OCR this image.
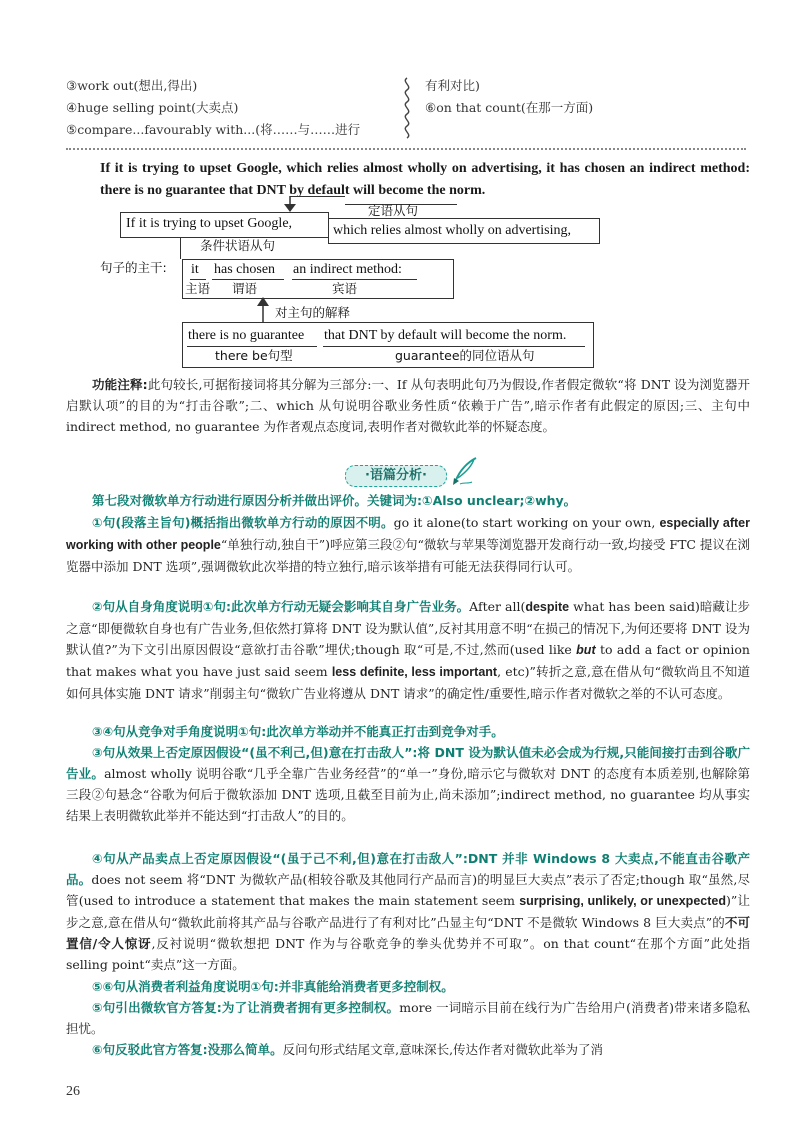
③work out(想出,得出)
④huge selling point(大卖点)
⑤compare...favourably with...(将……与……进行
有利对比)
⑥on that count(在那一方面)
If it is trying to upset Google, which relies almost wholly on advertising, it has chosen an indirect method: there is no guarantee that DNT by default will become the norm.
If it is trying to upset Google,
定语从句
which relies almost wholly on advertising,
条件状语从句
句子的主干: it has chosen an indirect method:
主语 谓语	宾语
对主句的解释
there is no guarantee that DNT by default will become the norm.
there be句型	guarantee的同位语从句
功能注释:此句较长,可据衔接词将其分解为三部分:一、If 从句表明此句乃为假设,作者假定微软“将 DNT 设为浏览器开启默认项”的目的为“打击谷歌”;二、which 从句说明谷歌业务性质“依赖于广告”,暗示作者有此假定的原因;三、主句中 indirect method, no guarantee 为作者观点态度词,表明作者对微软此举的怀疑态度。
·语篇分析·
第七段对微软单方行动进行原因分析并做出评价。关键词为:①Also unclear;②why。
①句(段落主旨句)概括指出微软单方行动的原因不明。go it alone(to start working on your own, especially after working with other people“单独行动,独自干”)呼应第三段②句“微软与苹果等浏览器开发商行动一致,均接受 FTC 提议在浏览器中添加 DNT 选项”,强调微软此次举措的特立独行,暗示该举措有可能无法获得同行认可。
②句从自身角度说明①句:此次单方行动无疑会影响其自身广告业务。After all(despite what has been said)暗藏让步之意“即便微软自身也有广告业务,但依然打算将 DNT 设为默认值”,反衬其用意不明“在损己的情况下,为何还要将 DNT 设为默认值?”为下文引出原因假设“意欲打击谷歌”埋伏;though 取“可是,不过,然而(used like but to add a fact or opinion that makes what you have just said seem less definite, less important, etc)”转折之意,意在借从句“微软尚且不知道如何具体实施 DNT 请求”削弱主句“微软广告业将遵从 DNT 请求”的确定性/重要性,暗示作者对微软之举的不认可态度。
③④句从竞争对手角度说明①句:此次单方举动并不能真正打击到竞争对手。
③句从效果上否定原因假设“(虽不利己,但)意在打击敌人”:将 DNT 设为默认值未必会成为行规,只能间接打击到谷歌广告业。almost wholly 说明谷歌“几乎全靠广告业务经营”的“单一”身份,暗示它与微软对 DNT 的态度有本质差别,也解除第三段②句悬念“谷歌为何后于微软添加 DNT 选项,且截至目前为止,尚未添加”;indirect method, no guarantee 均从事实结果上表明微软此举并不能达到“打击敌人”的目的。
④句从产品卖点上否定原因假设“(虽于己不利,但)意在打击敌人”:DNT 并非 Windows 8 大卖点,不能直击谷歌产品。does not seem 将“DNT 为微软产品(相较谷歌及其他同行产品而言)的明显巨大卖点”表示了否定;though 取“虽然,尽管(used to introduce a statement that makes the main statement seem surprising, unlikely, or unexpected)”让步之意,意在借从句“微软此前将其产品与谷歌产品进行了有利对比”凸显主句“DNT 不是微软 Windows 8 巨大卖点”的不可置信/令人惊讶,反衬说明“微软想把 DNT 作为与谷歌竞争的拳头优势并不可取”。on that count“在那个方面”此处指 selling point“卖点”这一方面。
⑤⑥句从消费者利益角度说明①句:并非真能给消费者更多控制权。
⑤句引出微软官方答复:为了让消费者拥有更多控制权。more 一词暗示目前在线行为广告给用户(消费者)带来诸多隐私担忧。
⑥句反驳此官方答复:没那么简单。反问句形式结尾文章,意味深长,传达作者对微软此举为了消
26
